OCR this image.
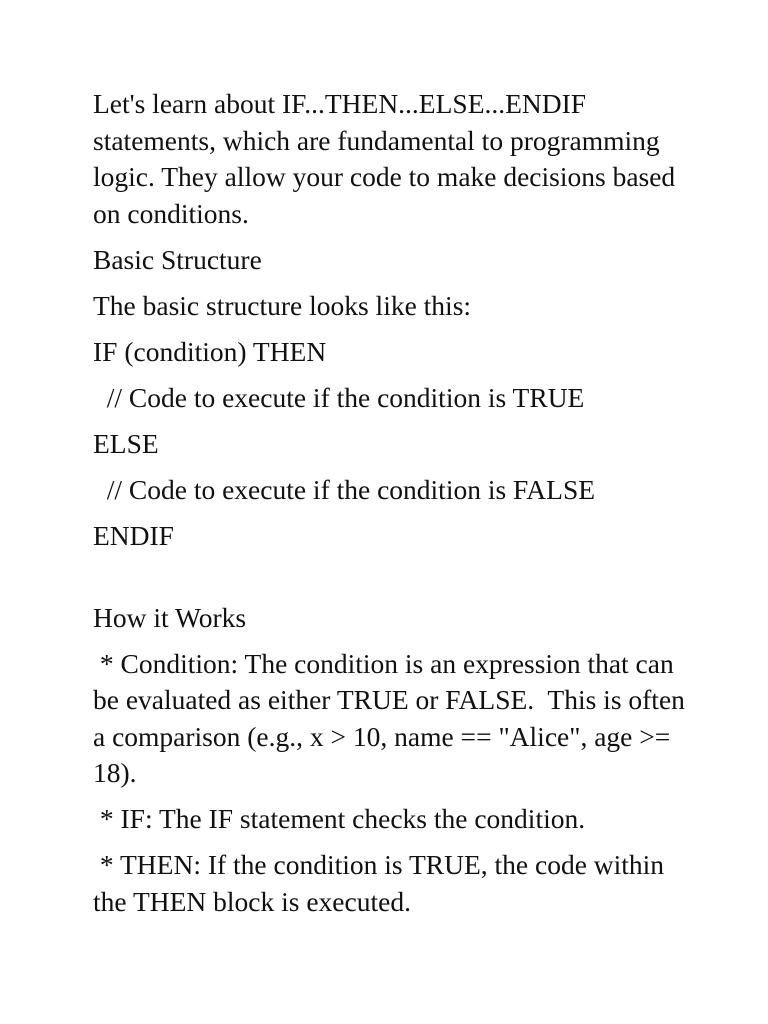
Let's learn about IF...THEN...ELSE...ENDIF statements, which are fundamental to programming logic. They allow your code to make decisions based on conditions.

Basic Structure

The basic structure looks like this:

IF (condition) THEN

// Code to execute if the condition is TRUE

ELSE

// Code to execute if the condition is FALSE

ENDIF

How it Works

* Condition: The condition is an expression that can be evaluated as either TRUE or FALSE.  This is often a comparison (e.g., x > 10, name == "Alice", age >= 18).

* IF: The IF statement checks the condition.

* THEN: If the condition is TRUE, the code within the THEN block is executed.
